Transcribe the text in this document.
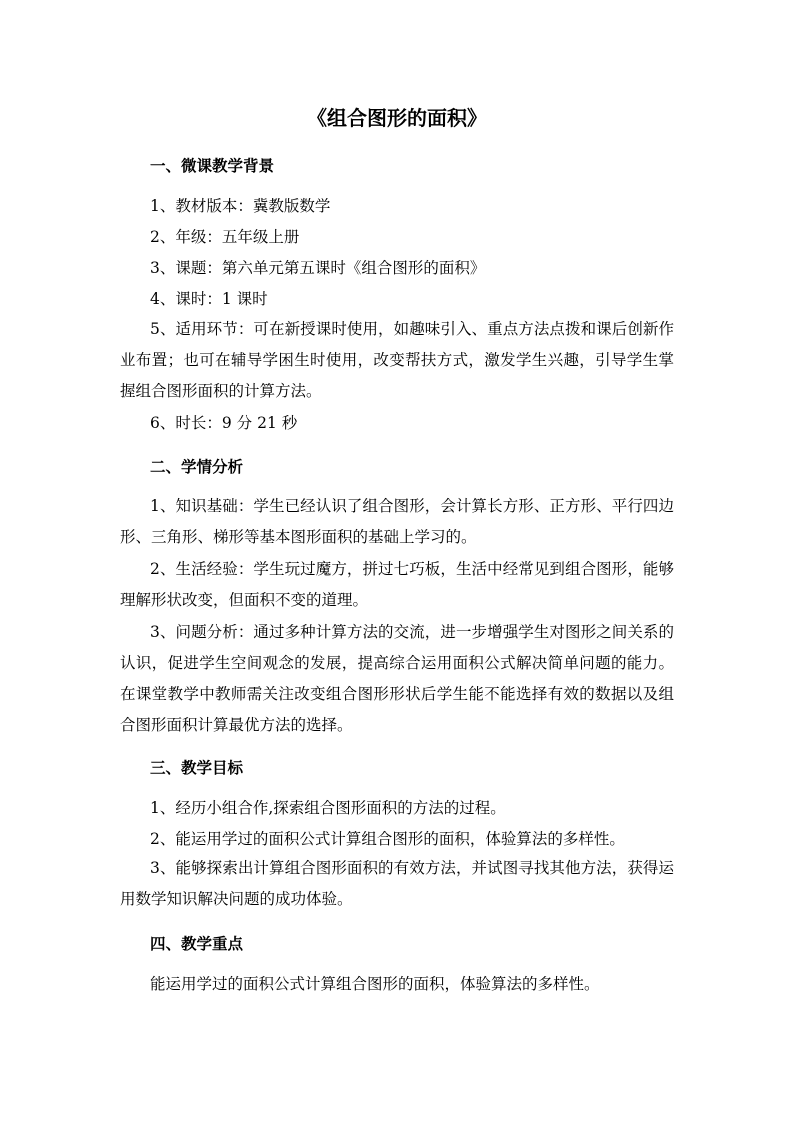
《组合图形的面积》
一、微课教学背景
1、教材版本：冀教版数学
2、年级：五年级上册
3、课题：第六单元第五课时《组合图形的面积》
4、课时：1 课时
5、适用环节：可在新授课时使用，如趣味引入、重点方法点拨和课后创新作业布置；也可在辅导学困生时使用，改变帮扶方式，激发学生兴趣，引导学生掌握组合图形面积的计算方法。
6、时长：9 分 21 秒
二、学情分析
1、知识基础：学生已经认识了组合图形，会计算长方形、正方形、平行四边形、三角形、梯形等基本图形面积的基础上学习的。
2、生活经验：学生玩过魔方，拼过七巧板，生活中经常见到组合图形，能够理解形状改变，但面积不变的道理。
3、问题分析：通过多种计算方法的交流，进一步增强学生对图形之间关系的认识，促进学生空间观念的发展，提高综合运用面积公式解决简单问题的能力。在课堂教学中教师需关注改变组合图形形状后学生能不能选择有效的数据以及组合图形面积计算最优方法的选择。
三、教学目标
1、经历小组合作,探索组合图形面积的方法的过程。
2、能运用学过的面积公式计算组合图形的面积，体验算法的多样性。
3、能够探索出计算组合图形面积的有效方法，并试图寻找其他方法，获得运用数学知识解决问题的成功体验。
四、教学重点
能运用学过的面积公式计算组合图形的面积，体验算法的多样性。
